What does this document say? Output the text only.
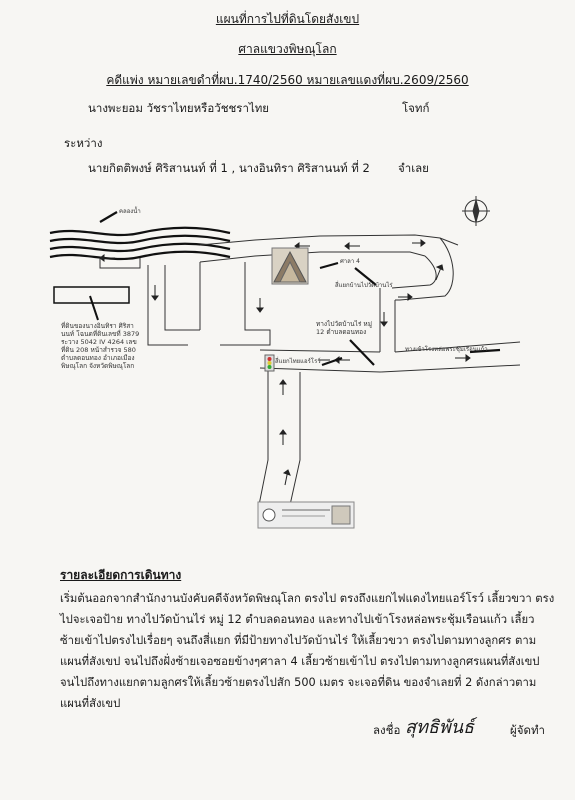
แผนที่การไปที่ดินโดยสังเขป
ศาลแขวงพิษณุโลก
คดีแพ่ง หมายเลขดำที่ผบ.1740/2560 หมายเลขแดงที่ผบ.2609/2560
นางพะยอม วัชราไทยหรือวัชชราไทย	โจทก์
ระหว่าง
นายกิตติพงษ์ ศิริสานนท์ ที่ 1 , นางอินทิรา ศิริสานนท์ ที่ 2 จำเลย
คลองน้ำ
ที่ดินของนางอินทิรา ศิริสานนท์ โฉนดที่ดินเลขที่ 3879 ระวาง 5042 IV 4264 เลขที่ดิน 208 หน้าสำรวจ 580 ตำบลดอนทอง อำเภอเมืองพิษณุโลก จังหวัดพิษณุโลก
ศาลา 4
สี่แยกบ้านไปวัดบ้านไร่
ทางไปวัดบ้านไร่ หมู่ 12 ตำบลดอนทอง
สี่แยกไทยแอร์โรว์
ทางเข้าโรงหล่อพระชุ้มเรือนแก้ว
รายละเอียดการเดินทาง
เริ่มต้นออกจากสำนักงานบังคับคดีจังหวัดพิษณุโลก ตรงไป ตรงถึงแยกไฟแดงไทยแอร์โรว์ เลี้ยวขวา ตรงไปจะเจอป้าย ทางไปวัดบ้านไร่ หมู่ 12 ตำบลดอนทอง และทางไปเข้าโรงหล่อพระชุ้มเรือนแก้ว เลี้ยวซ้ายเข้าไปตรงไปเรื่อยๆ จนถึงสี่แยก ที่มีป้ายทางไปวัดบ้านไร่ ให้เลี้ยวขวา ตรงไปตามทางลูกศร ตามแผนที่สังเขป จนไปถึงฝั่งซ้ายเจอซอยข้างๆศาลา 4 เลี้ยวซ้ายเข้าไป ตรงไปตามทางลูกศรแผนที่สังเขป จนไปถึงทางแยกตามลูกศรให้เลี้ยวซ้ายตรงไปสัก 500 เมตร จะเจอที่ดิน ของจำเลยที่ 2 ดังกล่าวตามแผนที่สังเขป
ลงชื่อ สุทธิพันธ์	ผู้จัดทำ
